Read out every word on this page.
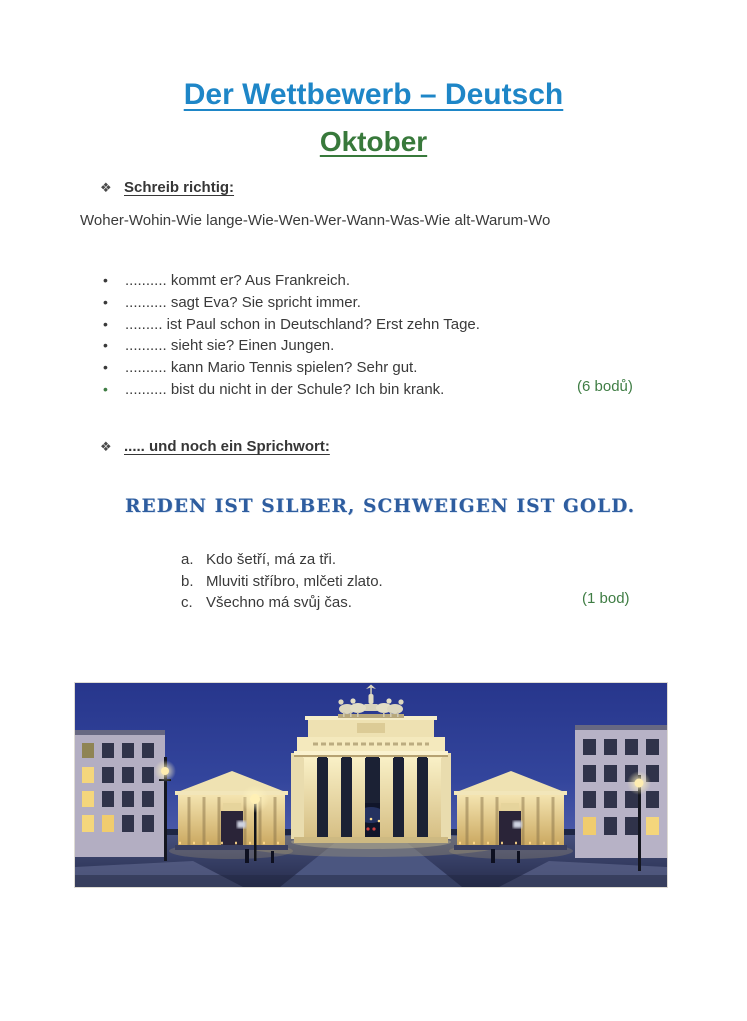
Der Wettbewerb – Deutsch
Oktober
❖ Schreib richtig:
Woher-Wohin-Wie lange-Wie-Wen-Wer-Wann-Was-Wie alt-Warum-Wo
•	.......... kommt er? Aus Frankreich.
•	.......... sagt Eva? Sie spricht immer.
•	......... ist Paul schon in Deutschland? Erst zehn Tage.
•	.......... sieht sie? Einen Jungen.
•	.......... kann Mario Tennis spielen? Sehr gut.
•	.......... bist du nicht in der Schule? Ich bin krank.	(6 bodů)
❖ ..... und noch ein Sprichwort:
REDEN IST SILBER, SCHWEIGEN IST GOLD.
a. Kdo šetří, má za tři.
b. Mluviti stříbro, mlčeti zlato.
c. Všechno má svůj čas.	(1 bod)
